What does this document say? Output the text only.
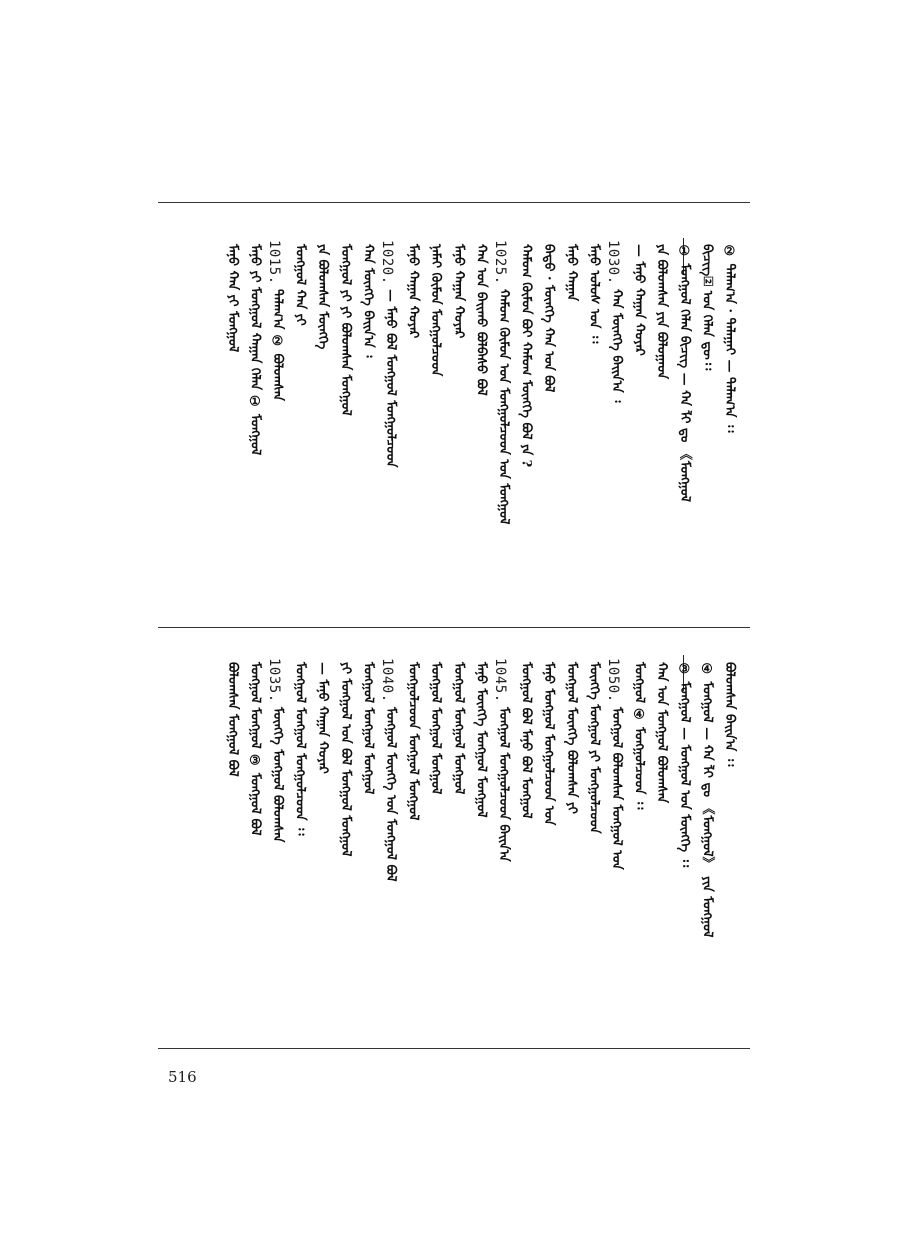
② ᠲᠠᠯᠠᠭ᠎ᠠ · ᠲᠠᠯᠠᠭᠠᠢ — ᠲᠠᠯᠠᠭ᠎ᠠ ᠄᠄
ᠪᠢᠴᠢᠭ᠌᠌ ᠤᠨ ᠬᠡᠯᠡᠨ ᠳᠦ᠄᠄
① ᠮᠣᠩᠭᠣᠯ ᠬᠡᠯᠡᠨ ᠪᠢᠴᠢᠭ᠌ — ᠬᠠ ᠯᠢ ᠳᠤ 《ᠮᠣᠩᠭᠣᠯ
ᠶᠠ ᠪᠤᠯᠤᠭᠰᠠᠨ ᠶᠢᠨ ᠪᠤᠯᠤᠭᠠᠳ
— ᠮᠠᠨᠤ ᠬᠠᠭᠠᠨ ᠬᠤᠶᠠᠷ
1030.
ᠬᠠᠨ ᠮᠥᠩᠭᠡ ᠪᠠᠢᠨ᠎ᠠ ᠄
ᠮᠠᠨᠤ ᠤᠯᠤᠰ ᠤᠨ ᠄᠄
ᠮᠠᠨᠤ ᠬᠠᠭᠠᠨ
ᠪᠠᠲᠤ · ᠮᠥᠩᠭᠡ ᠬᠠᠨ ᠤᠨ ᠪᠣᠯ
ᠬᠠᠮᠤᠭ ᠬᠦᠮᠦᠨ ᠪᠤᠢ ᠬᠠᠮᠤᠭ ᠮᠥᠩᠭᠡ ᠪᠣᠯ ᠶᠠ ?
1025.
ᠬᠠᠮᠤᠭ ᠬᠦᠮᠦᠨ ᠤᠨ ᠮᠣᠩᠭᠣᠯᠴᠤᠳ ᠤᠨ ᠮᠣᠩᠭᠣᠯ
ᠬᠠᠨ ᠤᠨ ᠪᠠᠢᠬᠤ ᠪᠣᠯᠪᠠᠰᠤ ᠪᠣᠯ
ᠮᠠᠨᠤ ᠬᠠᠭᠠᠨ ᠬᠤᠶᠠᠷ
ᠨᠠᠮᠠᠢ ᠬᠦᠮᠦᠨ ᠮᠣᠩᠭᠣᠯᠴᠤᠳ
ᠮᠠᠨᠤ ᠬᠠᠭᠠᠨ ᠬᠤᠶᠠᠷ
1020.
— ᠮᠠᠨᠤ ᠪᠣᠯ ᠮᠣᠩᠭᠣᠯ ᠮᠣᠩᠭᠣᠯᠴᠤᠳ
ᠬᠠᠨ ᠮᠥᠩᠭᠡ ᠪᠠᠢᠨ᠎ᠠ ᠄
ᠮᠣᠩᠭᠣᠯ ᠶᠢ ᠶᠢ ᠪᠣᠯᠤᠭᠰᠠᠨ ᠮᠣᠩᠭᠣᠯ
ᠶᠠ ᠪᠣᠯᠤᠭᠰᠠᠨ ᠮᠥᠩᠭᠡ
ᠮᠣᠩᠭᠣᠯ ᠬᠠᠨ ᠶᠢ
1015.
ᠲᠠᠯᠠᠭ᠎ᠠ ② ᠪᠣᠯᠤᠭᠰᠠᠨ
ᠮᠠᠨᠤ ᠶᠢ ᠮᠣᠩᠭᠣᠯ ᠬᠠᠭᠠᠨ ᠬᠡᠯᠡᠨ ① ᠮᠣᠩᠭᠣᠯ
ᠮᠠᠨᠤ ᠬᠠᠨ ᠶᠢ ᠮᠣᠩᠭᠣᠯ
ᠪᠣᠯᠤᠭᠰᠠᠨ ᠪᠠᠢᠨ᠎ᠠ ᠄᠄
④ ᠮᠣᠩᠭᠣᠯ — ᠬᠠ ᠯᠢ ᠳᠤ 《ᠮᠣᠩᠭᠣᠯ》 ᠶᠢᠨ ᠮᠣᠩᠭᠣᠯ
③ ᠮᠣᠩᠭᠣᠯ — ᠮᠣᠩᠭᠣᠯ ᠤᠨ ᠮᠥᠩᠭᠡ ᠄᠄
ᠬᠠᠨ ᠤᠨ ᠮᠣᠩᠭᠣᠯ ᠪᠣᠯᠤᠭᠰᠠᠨ
ᠮᠣᠩᠭᠣᠯ ④ ᠮᠣᠩᠭᠣᠯᠴᠤᠳ ᠄᠄
1050.
ᠮᠣᠩᠭᠣᠯ ᠪᠣᠯᠤᠭᠰᠠᠨ ᠮᠣᠩᠭᠣᠯ ᠤᠨ
ᠮᠥᠩᠭᠡ ᠮᠣᠩᠭᠣᠯ ᠶᠢ ᠮᠣᠩᠭᠣᠯᠴᠤᠳ
ᠮᠣᠩᠭᠣᠯ ᠮᠥᠩᠭᠡ ᠪᠣᠯᠤᠭᠰᠠᠨ ᠶᠢ
ᠮᠠᠨᠤ ᠮᠣᠩᠭᠣᠯ ᠮᠣᠩᠭᠣᠯᠴᠤᠳ ᠤᠨ
ᠮᠣᠩᠭᠣᠯ ᠪᠣᠯ ᠮᠠᠨᠤ ᠪᠣᠯ ᠮᠣᠩᠭᠣᠯ
1045.
ᠮᠣᠩᠭᠣᠯ ᠮᠣᠩᠭᠣᠯᠴᠤᠳ ᠪᠠᠢᠨ᠎ᠠ
ᠮᠠᠨᠤ ᠮᠥᠩᠭᠡ ᠮᠣᠩᠭᠣᠯ ᠮᠣᠩᠭᠣᠯ
ᠮᠣᠩᠭᠣᠯ ᠮᠣᠩᠭᠣᠯ ᠮᠣᠩᠭᠣᠯ
ᠮᠣᠩᠭᠣᠯ ᠮᠣᠩᠭᠣᠯ ᠮᠣᠩᠭᠣᠯ
ᠮᠣᠩᠭᠣᠯᠴᠤᠳ ᠮᠣᠩᠭᠣᠯ ᠮᠣᠩᠭᠣᠯ
1040.
ᠮᠣᠩᠭᠣᠯ ᠮᠥᠩᠭᠡ ᠤᠨ ᠮᠣᠩᠭᠣᠯ ᠪᠣᠯ
ᠮᠣᠩᠭᠣᠯ ᠮᠣᠩᠭᠣᠯ ᠮᠣᠩᠭᠣᠯ
ᠶᠢ ᠮᠣᠩᠭᠣᠯ ᠤᠨ ᠪᠣᠯ ᠮᠣᠩᠭᠣᠯ ᠮᠣᠩᠭᠣᠯ
— ᠮᠠᠨᠤ ᠬᠠᠭᠠᠨ ᠬᠤᠶᠠᠷ
ᠮᠣᠩᠭᠣᠯ ᠮᠣᠩᠭᠣᠯ ᠮᠣᠩᠭᠣᠯᠴᠤᠳ ᠄᠄
1035.
ᠮᠥᠩᠭᠡ ᠮᠣᠩᠭᠣᠯ ᠪᠣᠯᠤᠭᠰᠠᠨ
ᠮᠣᠩᠭᠣᠯ ᠮᠣᠩᠭᠣᠯ ③ ᠮᠣᠩᠭᠣᠯ ᠪᠣᠯ
ᠪᠣᠯᠤᠭᠰᠠᠨ ᠮᠣᠩᠭᠣᠯ ᠪᠣᠯ
516
